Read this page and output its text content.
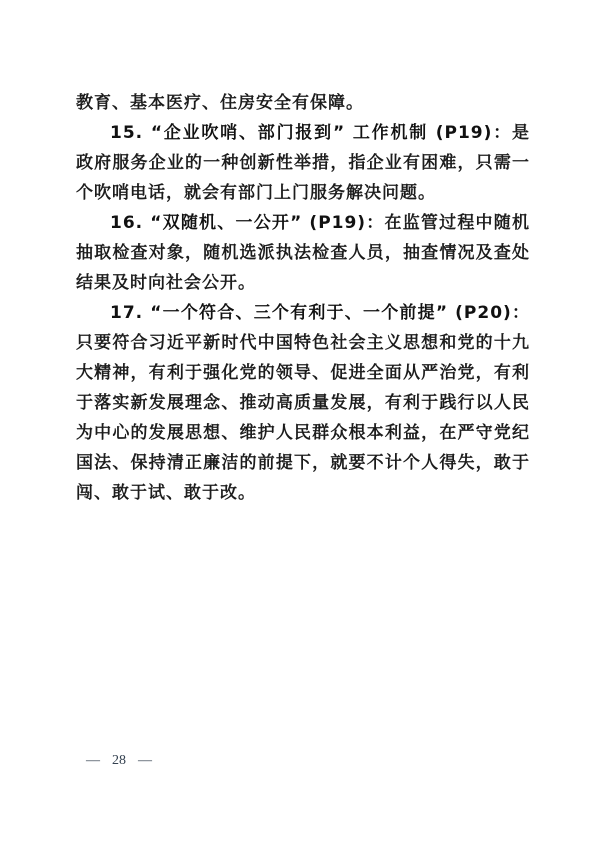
教育、基本医疗、住房安全有保障。

15. “企业吹哨、部门报到” 工作机制 (P19)：是政府服务企业的一种创新性举措，指企业有困难，只需一个吹哨电话，就会有部门上门服务解决问题。

16. “双随机、一公开” (P19)：在监管过程中随机抽取检查对象，随机选派执法检查人员，抽查情况及查处结果及时向社会公开。

17. “一个符合、三个有利于、一个前提” (P20)：只要符合习近平新时代中国特色社会主义思想和党的十九大精神，有利于强化党的领导、促进全面从严治党，有利于落实新发展理念、推动高质量发展，有利于践行以人民为中心的发展思想、维护人民群众根本利益，在严守党纪国法、保持清正廉洁的前提下，就要不计个人得失，敢于闯、敢于试、敢于改。

— 28 —
